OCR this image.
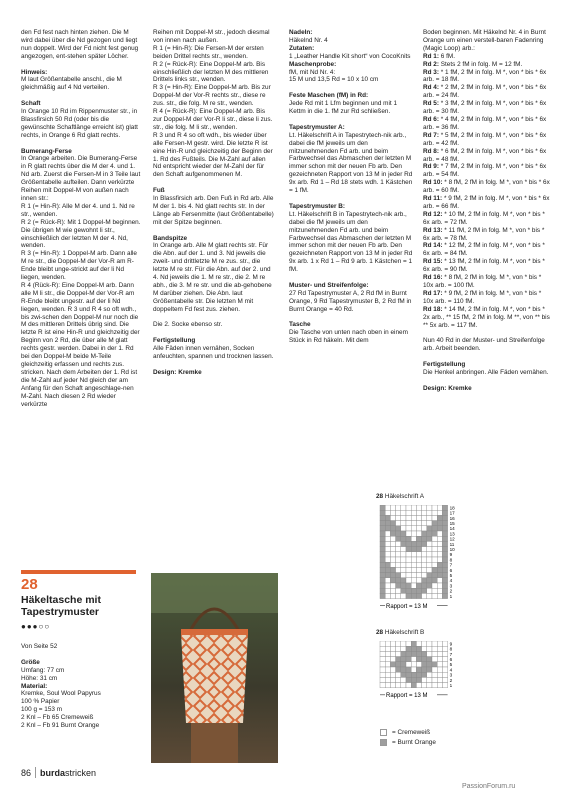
den Fd fest nach hinten ziehen. Die M wird dabei über die Nd gezogen und liegt nun doppelt. Wird der Fd nicht fest genug angezogen, ent-stehen später Löcher.

Hinweis:

M laut Größentabelle anschl., die M gleichmäßig auf 4 Nd verteilen.

Schaft

In Orange 10 Rd im Rippenmuster str., in Blassfirsich 50 Rd (oder bis die gewünschte Schaftlänge erreicht ist) glatt rechts, in Orange 6 Rd glatt rechts.

Bumerang-Ferse

In Orange arbeiten. Die Bumerang-Ferse in R glatt rechts über die M der 4. und 1. Nd arb. Zuerst die Fersen-M in 3 Teile laut Größentabelle aufteilen. Dann verkürzte Reihen mit Doppel-M von außen nach innen str.:

R 1 (= Hin-R): Alle M der 4. und 1. Nd re str., wenden.

R 2 (= Rück-R): Mit 1 Doppel-M beginnen. Die übrigen M wie gewohnt li str., einschließlich der letzten M der 4. Nd, wenden.

R 3 (= Hin-R): 1 Doppel-M arb. Dann alle M re str., die Doppel-M der Vor-R am R-Ende bleibt unge-strickt auf der li Nd liegen, wenden.

R 4 (Rück-R): Eine Doppel-M arb. Dann alle M li str., die Doppel-M der Vor-R am R-Ende bleibt ungestr. auf der li Nd liegen, wenden. R 3 und R 4 so oft wdh., bis zwi-schen den Doppel-M nur noch die M des mittleren Drittels übrig sind. Die letzte R ist eine Hin-R und gleichzeitig der Beginn von 2 Rd, die über alle M glatt rechts gestr. werden. Dabei in der 1. Rd bei den Doppel-M beide M-Teile gleichzeitig erfassen und rechts zus. stricken. Nach dem Arbeiten der 1. Rd ist die M-Zahl auf jeder Nd gleich der am Anfang für den Schaft angeschlage-nen M-Zahl. Nach diesen 2 Rd wieder verkürzte

Reihen mit Doppel-M str., jedoch diesmal von innen nach außen.

R 1 (= Hin-R): Die Fersen-M der ersten beiden Drittel rechts str., wenden.

R 2 (= Rück-R): Eine Doppel-M arb. Bis einschließlich der letzten M des mittleren Drittels links str., wenden.

R 3 (= Hin-R): Eine Doppel-M arb. Bis zur Doppel-M der Vor-R rechts str., diese re zus. str., die folg. M re str., wenden.

R 4 (= Rück-R): Eine Doppel-M arb. Bis zur Doppel-M der Vor-R li str., diese li zus. str., die folg. M li str., wenden.

R 3 und R 4 so oft wdh., bis wieder über alle Fersen-M gestr. wird. Die letzte R ist eine Hin-R und gleichzeitig der Beginn der 1. Rd des Fußteils. Die M-Zahl auf allen Nd entspricht wieder der M-Zahl der für den Schaft aufgenommenen M.

Fuß

In Blassfirsich arb. Den Fuß in Rd arb. Alle M der 1. bis 4. Nd glatt rechts str. In der Länge ab Fersenmitte (laut Größentabelle) mit der Spitze beginnen.

Bandspitze

In Orange arb. Alle M glatt rechts str. Für die Abn. auf der 1. und 3. Nd jeweils die zweit- und drittletzte M re zus. str., die letzte M re str. Für die Abn. auf der 2. und 4. Nd jeweils die 1. M re str., die 2. M re abh., die 3. M re str. und die ab-gehobene M darüber ziehen. Die Abn. laut Größentabelle str. Die letzten M mit doppeltem Fd fest zus. ziehen.

Die 2. Socke ebenso str.

Fertigstellung

Alle Fäden innen vernähen, Socken anfeuchten, spannen und trocknen lassen.

Design: Kremke

Nadeln:

Häkelnd Nr. 4

Zutaten:

1 „Leather Handle Kit short“ von CocoKnits

Maschenprobe:

fM, mit Nd Nr. 4:

15 M und 13,5 Rd = 10 x 10 cm

Feste Maschen (fM) in Rd:

Jede Rd mit 1 Lfm beginnen und mit 1 Kettm in die 1. fM zur Rd schließen.

Tapestrymuster A:

Lt. Häkelschrift A in Tapestrytech-nik arb., dabei die fM jeweils um den mitzunehmenden Fd arb. und beim Farbwechsel das Abmaschen der letzten M immer schon mit der neuen Fb arb. Den gezeichneten Rapport von 13 M in jeder Rd 9x arb. Rd 1 – Rd 18 stets wdh. 1 Kästchen = 1 fM.

Tapestrymuster B:

Lt. Häkelschrift B in Tapestrytech-nik arb., dabei die fM jeweils um den mitzunehmenden Fd arb. und beim Farbwechsel das Abmaschen der letzten M immer schon mit der neuen Fb arb. Den gezeichneten Rapport von 13 M in jeder Rd 9x arb. 1 x Rd 1 – Rd 9 arb. 1 Kästchen = 1 fM.

Muster- und Streifenfolge:

27 Rd Tapestrymuster A, 2 Rd fM in Burnt Orange, 9 Rd Tapestrymuster B, 2 Rd fM in Burnt Orange = 40 Rd.

Tasche

Die Tasche von unten nach oben in einem Stück in Rd häkeln. Mit dem

Boden beginnen. Mit Häkelnd Nr. 4 in Burnt Orange um einen verstell-baren Fadenring (Magic Loop) arb.:

Rd 1: 6 fM.

Rd 2: Stets 2 fM in folg. M = 12 fM.

Rd 3: * 1 fM, 2 fM in folg. M *, von * bis * 6x arb. = 18 fM.

Rd 4: * 2 fM, 2 fM in folg. M *, von * bis * 6x arb. = 24 fM.

Rd 5: * 3 fM, 2 fM in folg. M *, von * bis * 6x arb. = 30 fM.

Rd 6: * 4 fM, 2 fM in folg. M *, von * bis * 6x arb. = 36 fM.

Rd 7: * 5 fM, 2 fM in folg. M *, von * bis * 6x arb. = 42 fM.

Rd 8: * 6 fM, 2 fM in folg. M *, von * bis * 6x arb. = 48 fM.

Rd 9: * 7 fM, 2 fM in folg. M *, von * bis * 6x arb. = 54 fM.

Rd 10: * 8 fM, 2 fM in folg. M *, von * bis * 6x arb. = 60 fM.

Rd 11: * 9 fM, 2 fM in folg. M *, von * bis * 6x arb. = 66 fM.

Rd 12: * 10 fM, 2 fM in folg. M *, von * bis * 6x arb. = 72 fM.

Rd 13: * 11 fM, 2 fM in folg. M *, von * bis * 6x arb. = 78 fM.

Rd 14: * 12 fM, 2 fM in folg. M *, von * bis * 6x arb. = 84 fM.

Rd 15: * 13 fM, 2 fM in folg. M *, von * bis * 6x arb. = 90 fM.

Rd 16: * 8 fM, 2 fM in folg. M *, von * bis * 10x arb. = 100 fM.

Rd 17: * 9 fM, 2 fM in folg. M *, von * bis * 10x arb. = 110 fM.

Rd 18: * 14 fM, 2 fM in folg. M *, von * bis * 2x arb., ** 15 fM, 2 fM in folg. M **, von ** bis ** 5x arb. = 117 fM.

Nun 40 Rd in der Muster- und Streifenfolge arb. Arbeit beenden.

Fertigstellung

Die Henkel anbringen. Alle Fäden vernähen.

Design: Kremke

28
Häkeltasche mit Tapestrymuster
●●●○○

Von Seite 52

Größe

Umfang: 77 cm

Höhe: 31 cm

Material:

Kremke, Soul Wool Papyrus

100 % Papier

100 g = 153 m

2 Knl – Fb 65 Cremeweiß

2 Knl – Fb 91 Burnt Orange

28 Häkelschrift A
18
17
16
15
14
13
12
11
10
9
8
7
6
5
4
3
2
1
Rapport = 13 M
28 Häkelschrift B
9
8
7
6
5
4
3
2
1
Rapport = 13 M
= Cremeweiß
= Burnt Orange
86 burdastricken
PassionForum.ru
